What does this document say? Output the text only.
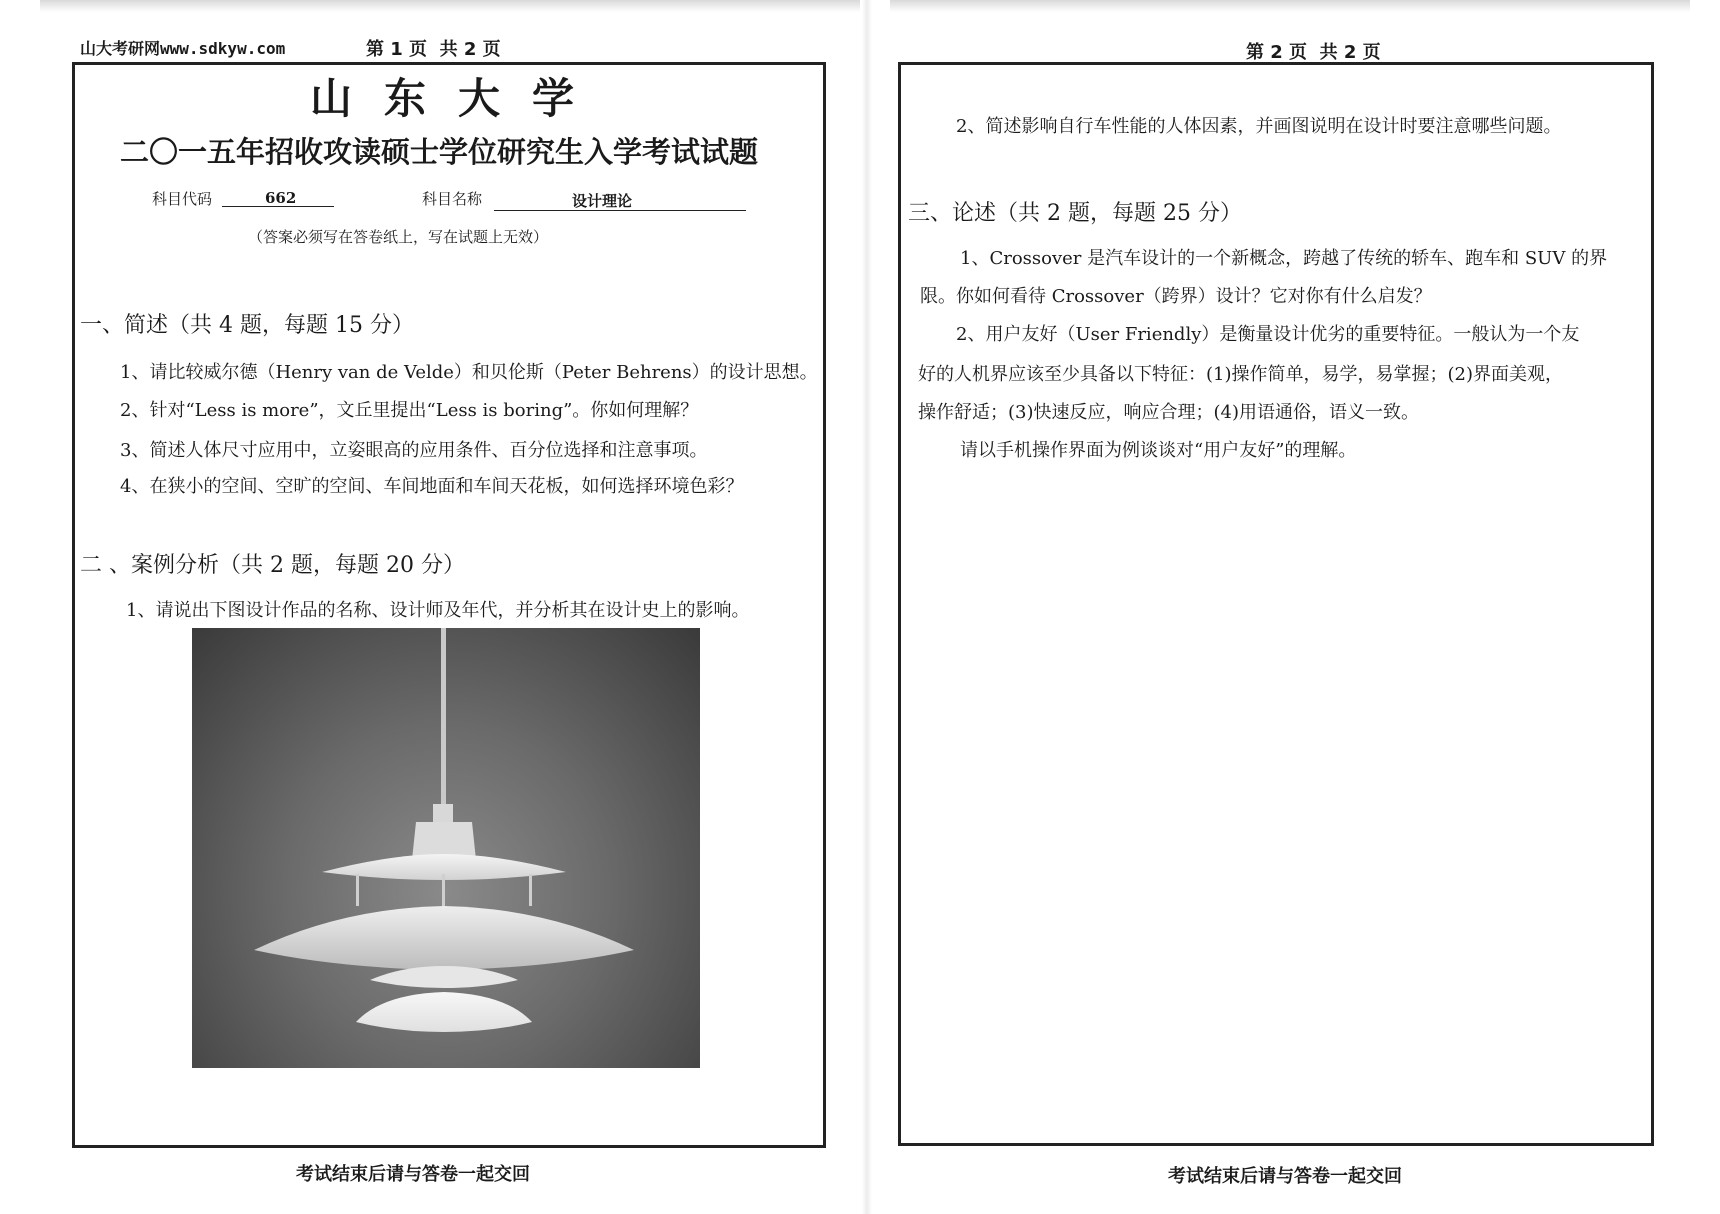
山大考研网www.sdkyw.com	第 1 页  共 2 页
山东大学
二〇一五年招收攻读硕士学位研究生入学考试试题
科目代码	662	科目名称	设计理论
（答案必须写在答卷纸上，写在试题上无效）
一、简述（共 4 题，每题 15 分）
1、请比较威尔德（Henry van de Velde）和贝伦斯（Peter Behrens）的设计思想。
2、针对“Less is more”，文丘里提出“Less is boring”。你如何理解？
3、简述人体尺寸应用中，立姿眼高的应用条件、百分位选择和注意事项。
4、在狭小的空间、空旷的空间、车间地面和车间天花板，如何选择环境色彩？
二 、案例分析（共 2 题，每题 20 分）
1、请说出下图设计作品的名称、设计师及年代，并分析其在设计史上的影响。
考试结束后请与答卷一起交回
第 2 页  共 2 页
2、简述影响自行车性能的人体因素，并画图说明在设计时要注意哪些问题。
三、论述（共 2 题，每题 25 分）
1、Crossover 是汽车设计的一个新概念，跨越了传统的轿车、跑车和 SUV 的界
限。你如何看待 Crossover（跨界）设计？它对你有什么启发？
2、用户友好（User Friendly）是衡量设计优劣的重要特征。一般认为一个友
好的人机界应该至少具备以下特征：(1)操作简单，易学，易掌握；(2)界面美观，
操作舒适；(3)快速反应，响应合理；(4)用语通俗，语义一致。
请以手机操作界面为例谈谈对“用户友好”的理解。
考试结束后请与答卷一起交回
